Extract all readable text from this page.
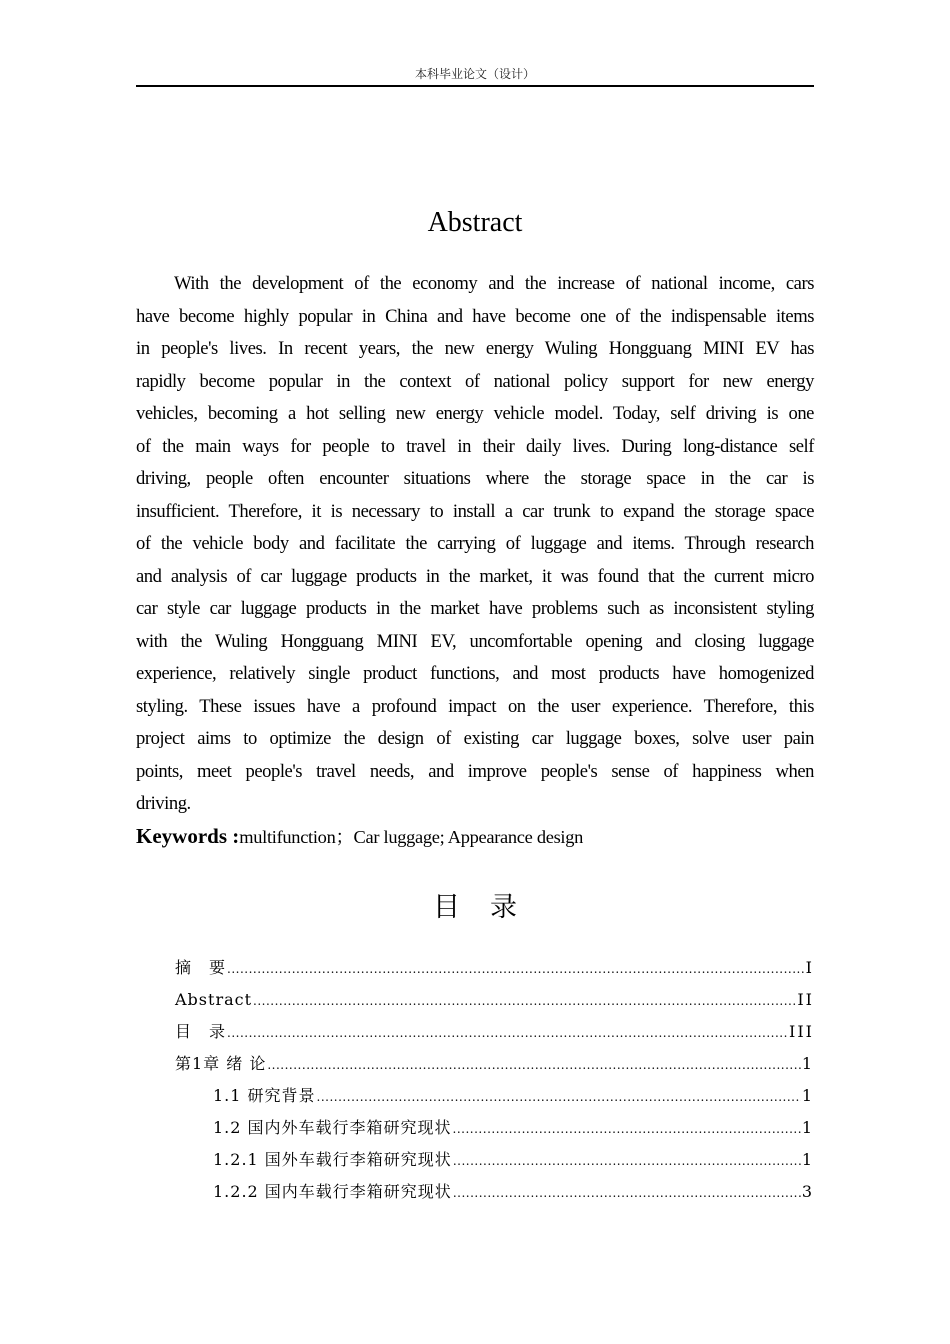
本科毕业论文（设计）
Abstract
With the development of the economy and the increase of national income, cars
have become highly popular in China and have become one of the indispensable items
in people's lives. In recent years, the new energy Wuling Hongguang MINI EV has
rapidly become popular in the context of national policy support for new energy
vehicles, becoming a hot selling new energy vehicle model. Today, self driving is one
of the main ways for people to travel in their daily lives. During long-distance self
driving, people often encounter situations where the storage space in the car is
insufficient. Therefore, it is necessary to install a car trunk to expand the storage space
of the vehicle body and facilitate the carrying of luggage and items. Through research
and analysis of car luggage products in the market, it was found that the current micro
car style car luggage products in the market have problems such as inconsistent styling
with the Wuling Hongguang MINI EV, uncomfortable opening and closing luggage
experience, relatively single product functions, and most products have homogenized
styling. These issues have a profound impact on the user experience. Therefore, this
project aims to optimize the design of existing car luggage boxes, solve user pain
points, meet people's travel needs, and improve people's sense of happiness when
driving.
Keywords :multifunction；Car luggage; Appearance design
目录
摘　要 .....	I
Abstract .....	II
目　录 .....	III
第1章 绪 论 .....	1
1.1 研究背景 .....	1
1.2 国内外车载行李箱研究现状 .....	1
1.2.1 国外车载行李箱研究现状 .....	1
1.2.2 国内车载行李箱研究现状 .....	3
